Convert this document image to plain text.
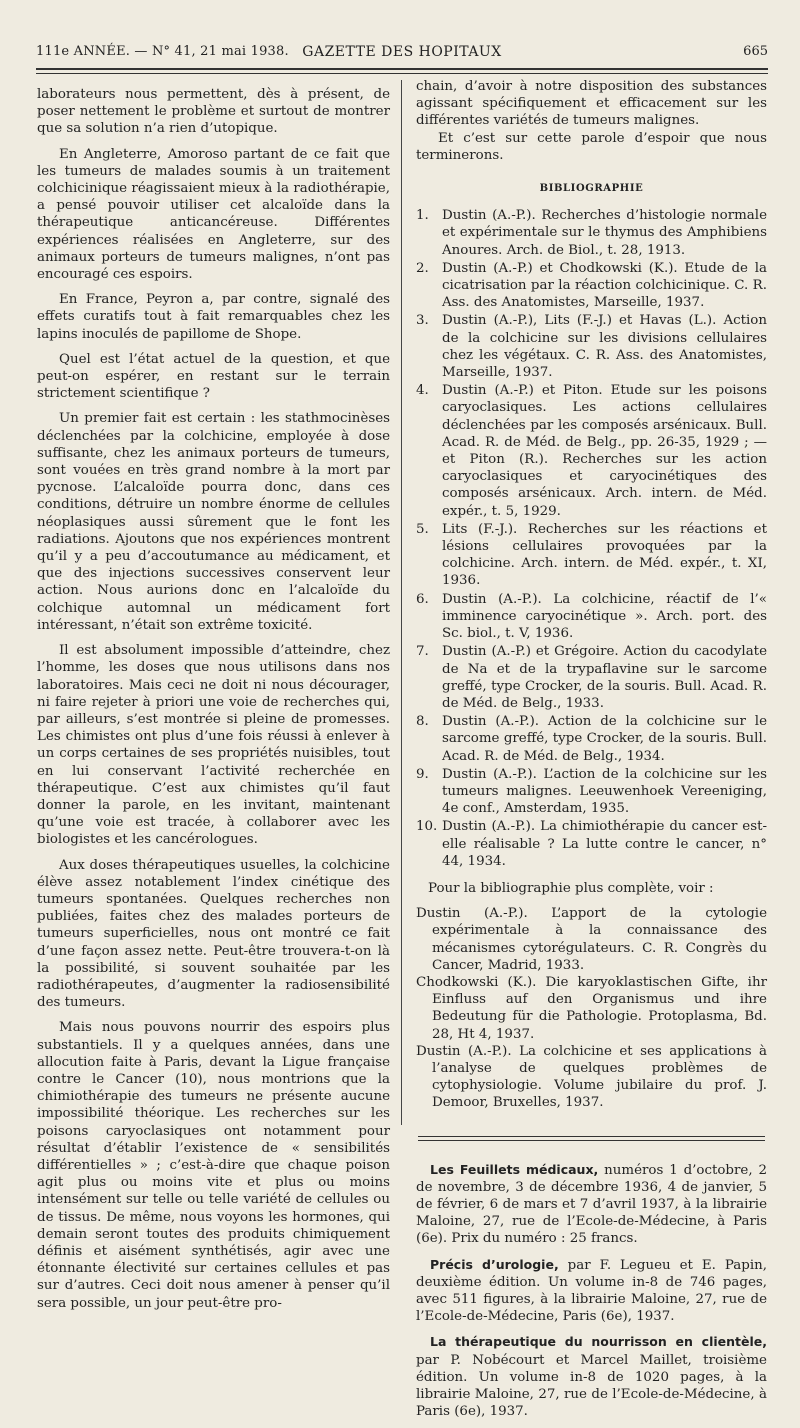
111e ANNÉE. — N° 41, 21 mai 1938. GAZETTE DES HOPITAUX	665

laborateurs nous permettent, dès à présent, de poser nettement le problème et surtout de montrer que sa solution n’a rien d’utopique.

En Angleterre, Amoroso partant de ce fait que les tumeurs de malades soumis à un traitement colchicinique réagissaient mieux à la radiothérapie, a pensé pouvoir utiliser cet alcaloïde dans la thérapeutique anticancéreuse. Différentes expériences réalisées en Angleterre, sur des animaux porteurs de tumeurs malignes, n’ont pas encouragé ces espoirs.

En France, Peyron a, par contre, signalé des effets curatifs tout à fait remarquables chez les lapins inoculés de papillome de Shope.

Quel est l’état actuel de la question, et que peut-on espérer, en restant sur le terrain strictement scientifique ?

Un premier fait est certain : les stathmocinèses déclenchées par la colchicine, employée à dose suffisante, chez les animaux porteurs de tumeurs, sont vouées en très grand nombre à la mort par pycnose. L’alcaloïde pourra donc, dans ces conditions, détruire un nombre énorme de cellules néoplasiques aussi sûrement que le font les radiations. Ajoutons que nos expériences montrent qu’il y a peu d’accoutumance au médicament, et que des injections successives conservent leur action. Nous aurions donc en l’alcaloïde du colchique automnal un médicament fort intéressant, n’était son extrême toxicité.

Il est absolument impossible d’atteindre, chez l’homme, les doses que nous utilisons dans nos laboratoires. Mais ceci ne doit ni nous décourager, ni faire rejeter à priori une voie de recherches qui, par ailleurs, s’est montrée si pleine de promesses. Les chimistes ont plus d’une fois réussi à enlever à un corps certaines de ses propriétés nuisibles, tout en lui conservant l’activité recherchée en thérapeutique. C’est aux chimistes qu’il faut donner la parole, en les invitant, maintenant qu’une voie est tracée, à collaborer avec les biologistes et les cancérologues.

Aux doses thérapeutiques usuelles, la colchicine élève assez notablement l’index cinétique des tumeurs spontanées. Quelques recherches non publiées, faites chez des malades porteurs de tumeurs superficielles, nous ont montré ce fait d’une façon assez nette. Peut-être trouvera-t-on là la possibilité, si souvent souhaitée par les radiothérapeutes, d’augmenter la radiosensibilité des tumeurs.

Mais nous pouvons nourrir des espoirs plus substantiels. Il y a quelques années, dans une allocution faite à Paris, devant la Ligue française contre le Cancer (10), nous montrions que la chimiothérapie des tumeurs ne présente aucune impossibilité théorique. Les recherches sur les poisons caryoclasiques ont notamment pour résultat d’établir l’existence de « sensibilités différentielles » ; c’est-à-dire que chaque poison agit plus ou moins vite et plus ou moins intensément sur telle ou telle variété de cellules ou de tissus. De même, nous voyons les hormones, qui demain seront toutes des produits chimiquement définis et aisément synthétisés, agir avec une étonnante électivité sur certaines cellules et pas sur d’autres. Ceci doit nous amener à penser qu’il sera possible, un jour peut-être pro-

chain, d’avoir à notre disposition des substances agissant spécifiquement et efficacement sur les différentes variétés de tumeurs malignes.

Et c’est sur cette parole d’espoir que nous terminerons.

BIBLIOGRAPHIE
1. Dustin (A.-P.). Recherches d’histologie normale et expérimentale sur le thymus des Amphibiens Anoures. Arch. de Biol., t. 28, 1913.
2. Dustin (A.-P.) et Chodkowski (K.). Etude de la cicatrisation par la réaction colchicinique. C. R. Ass. des Anatomistes, Marseille, 1937.
3. Dustin (A.-P.), Lits (F.-J.) et Havas (L.). Action de la colchicine sur les divisions cellulaires chez les végétaux. C. R. Ass. des Anatomistes, Marseille, 1937.
4. Dustin (A.-P.) et Piton. Etude sur les poisons caryoclasiques. Les actions cellulaires déclenchées par les composés arsénicaux. Bull. Acad. R. de Méd. de Belg., pp. 26-35, 1929 ; — et Piton (R.). Recherches sur les action caryoclasiques et caryocinétiques des composés arsénicaux. Arch. intern. de Méd. expér., t. 5, 1929.
5. Lits (F.-J.). Recherches sur les réactions et lésions cellulaires provoquées par la colchicine. Arch. intern. de Méd. expér., t. XI, 1936.
6. Dustin (A.-P.). La colchicine, réactif de l’« imminence caryocinétique ». Arch. port. des Sc. biol., t. V, 1936.
7. Dustin (A.-P.) et Grégoire. Action du cacodylate de Na et de la trypaflavine sur le sarcome greffé, type Crocker, de la souris. Bull. Acad. R. de Méd. de Belg., 1933.
8. Dustin (A.-P.). Action de la colchicine sur le sarcome greffé, type Crocker, de la souris. Bull. Acad. R. de Méd. de Belg., 1934.
9. Dustin (A.-P.). L’action de la colchicine sur les tumeurs malignes. Leeuwenhoek Vereeniging, 4e conf., Amsterdam, 1935.
10. Dustin (A.-P.). La chimiothérapie du cancer est-elle réalisable ? La lutte contre le cancer, n° 44, 1934.

Pour la bibliographie plus complète, voir :

Dustin (A.-P.). L’apport de la cytologie expérimentale à la connaissance des mécanismes cytorégulateurs. C. R. Congrès du Cancer, Madrid, 1933.

Chodkowski (K.). Die karyoklastischen Gifte, ihr Einfluss auf den Organismus und ihre Bedeutung für die Pathologie. Protoplasma, Bd. 28, Ht 4, 1937.

Dustin (A.-P.). La colchicine et ses applications à l’analyse de quelques problèmes de cytophysiologie. Volume jubilaire du prof. J. Demoor, Bruxelles, 1937.

Les Feuillets médicaux, numéros 1 d’octobre, 2 de novembre, 3 de décembre 1936, 4 de janvier, 5 de février, 6 de mars et 7 d’avril 1937, à la librairie Maloine, 27, rue de l’Ecole-de-Médecine, à Paris (6e). Prix du numéro : 25 francs.

Précis d’urologie, par F. Legueu et E. Papin, deuxième édition. Un volume in-8 de 746 pages, avec 511 figures, à la librairie Maloine, 27, rue de l’Ecole-de-Médecine, Paris (6e), 1937.

La thérapeutique du nourrisson en clientèle, par P. Nobécourt et Marcel Maillet, troisième édition. Un volume in-8 de 1020 pages, à la librairie Maloine, 27, rue de l’Ecole-de-Médecine, à Paris (6e), 1937.
